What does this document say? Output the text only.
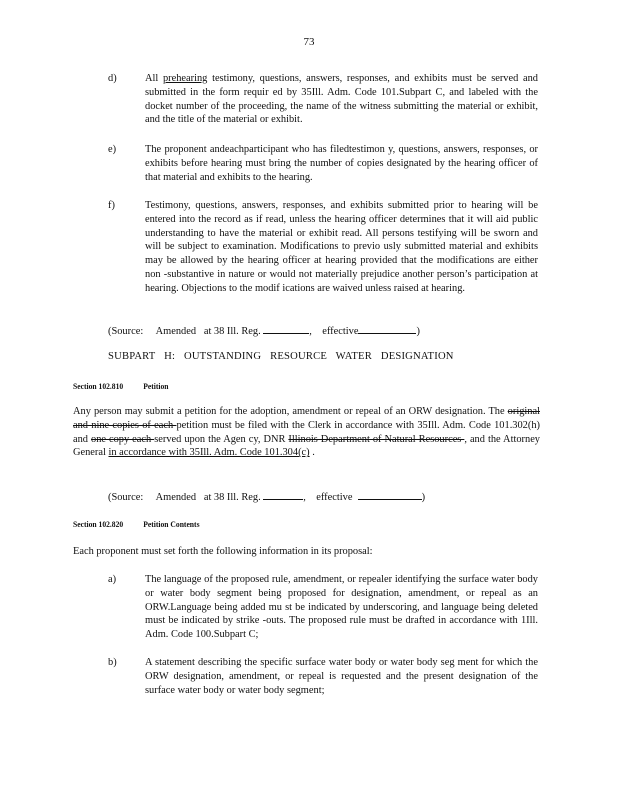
73
d)	All prehearing testimony, questions, answers, responses, and exhibits must be served and submitted in the form requir ed by 35Ill. Adm. Code 101.Subpart C, and labeled with the docket number of the proceeding, the name of the witness submitting the material or exhibit, and the title of the material or exhibit.
e)	The proponent andeachparticipant who has filedtestimon y, questions, answers, responses, or exhibits before hearing must bring the number of copies designated by the hearing officer of that material and exhibits to the hearing.
f)	Testimony, questions, answers, responses, and exhibits submitted prior to hearing will be entered into the record as if read, unless the hearing officer determines that it will aid public understanding to have the material or exhibit read. All persons testifying will be sworn and will be subject to examination. Modifications to previo usly submitted material and exhibits may be allowed by the hearing officer at hearing provided that the modifications are either non -substantive in nature or would not materially prejudice another person’s participation at hearing. Objections to the modif ications are waived unless raised at hearing.
(Source: Amended at 38 Ill. Reg.	, effective	)
SUBPART H: OUTSTANDING RESOURCE WATER DESIGNATION
Section 102.810	Petition
Any person may submit a petition for the adoption, amendment or repeal of an ORW designation. The original and nine copies of each petition must be filed with the Clerk in accordance with 35Ill. Adm. Code 101.302(h) and one copy each served upon the Agen cy, DNR Illinois Department of Natural Resources , and the Attorney General in accordance with 35Ill. Adm. Code 101.304(c) .
(Source: Amended at 38 Ill. Reg.	, effective	)
Section 102.820	Petition Contents
Each proponent must set forth the following information in its proposal:
a)	The language of the proposed rule, amendment, or repealer identifying the surface water body or water body segment being proposed for designation, amendment, or repeal as an ORW.Language being added mu st be indicated by underscoring, and language being deleted must be indicated by strike -outs. The proposed rule must be drafted in accordance with 1Ill. Adm. Code 100.Subpart C;
b)	A statement describing the specific surface water body or water body seg ment for which the ORW designation, amendment, or repeal is requested and the present designation of the surface water body or water body segment;
